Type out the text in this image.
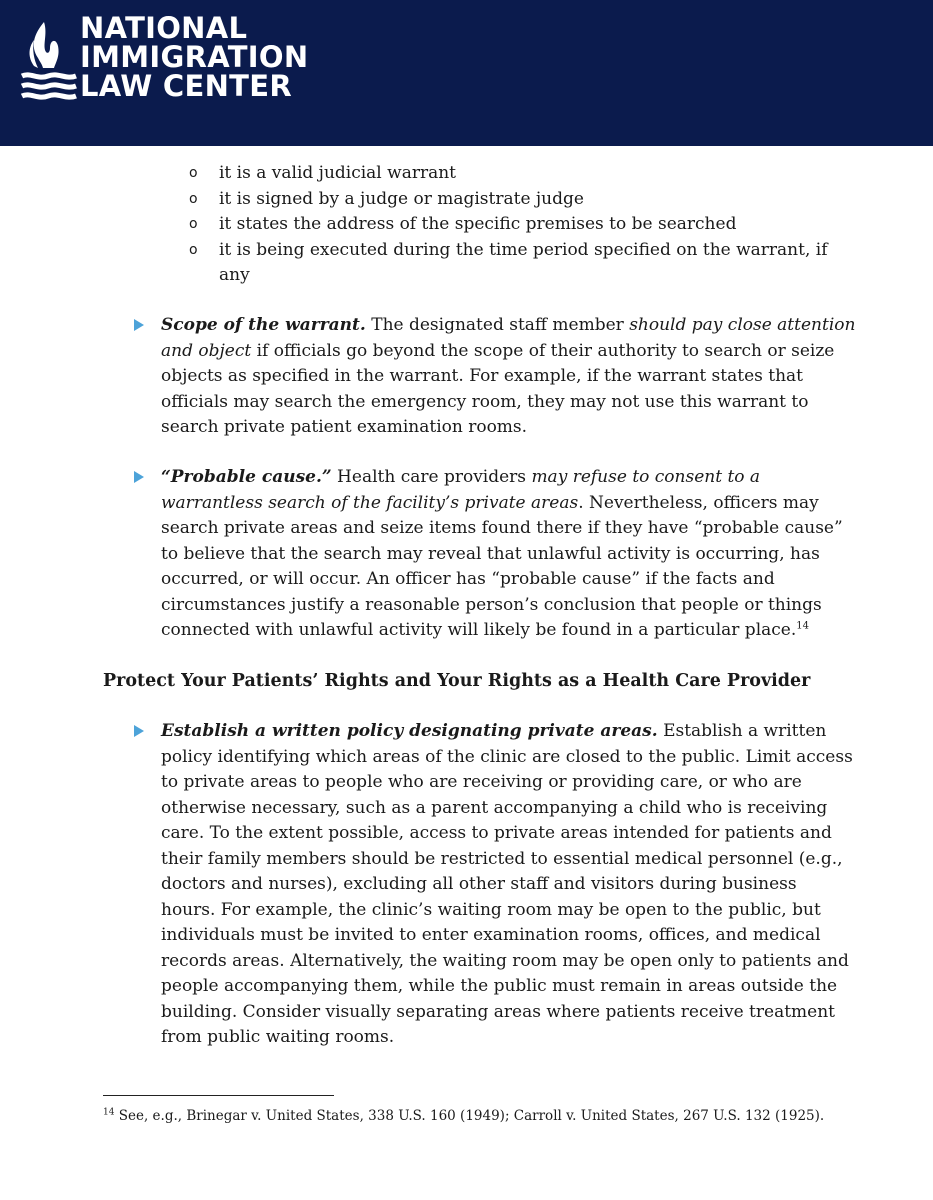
NATIONAL
IMMIGRATION
LAW CENTER
o it is a valid judicial warrant
o it is signed by a judge or magistrate judge
o it states the address of the specific premises to be searched
o it is being executed during the time period specified on the warrant, if any

Scope of the warrant. The designated staff member should pay close attention and object if officials go beyond the scope of their authority to search or seize objects as specified in the warrant. For example, if the warrant states that officials may search the emergency room, they may not use this warrant to search private patient examination rooms.

“Probable cause.” Health care providers may refuse to consent to a warrantless search of the facility’s private areas. Nevertheless, officers may search private areas and seize items found there if they have “probable cause” to believe that the search may reveal that unlawful activity is occurring, has occurred, or will occur. An officer has “probable cause” if the facts and circumstances justify a reasonable person’s conclusion that people or things connected with unlawful activity will likely be found in a particular place.$^{14}$

Protect Your Patients’ Rights and Your Rights as a Health Care Provider

Establish a written policy designating private areas. Establish a written policy identifying which areas of the clinic are closed to the public. Limit access to private areas to people who are receiving or providing care, or who are otherwise necessary, such as a parent accompanying a child who is receiving care. To the extent possible, access to private areas intended for patients and their family members should be restricted to essential medical personnel (e.g., doctors and nurses), excluding all other staff and visitors during business hours. For example, the clinic’s waiting room may be open to the public, but individuals must be invited to enter examination rooms, offices, and medical records areas. Alternatively, the waiting room may be open only to patients and people accompanying them, while the public must remain in areas outside the building. Consider visually separating areas where patients receive treatment from public waiting rooms.

$^{14}$ See, e.g., Brinegar v. United States, 338 U.S. 160 (1949); Carroll v. United States, 267 U.S. 132 (1925).
